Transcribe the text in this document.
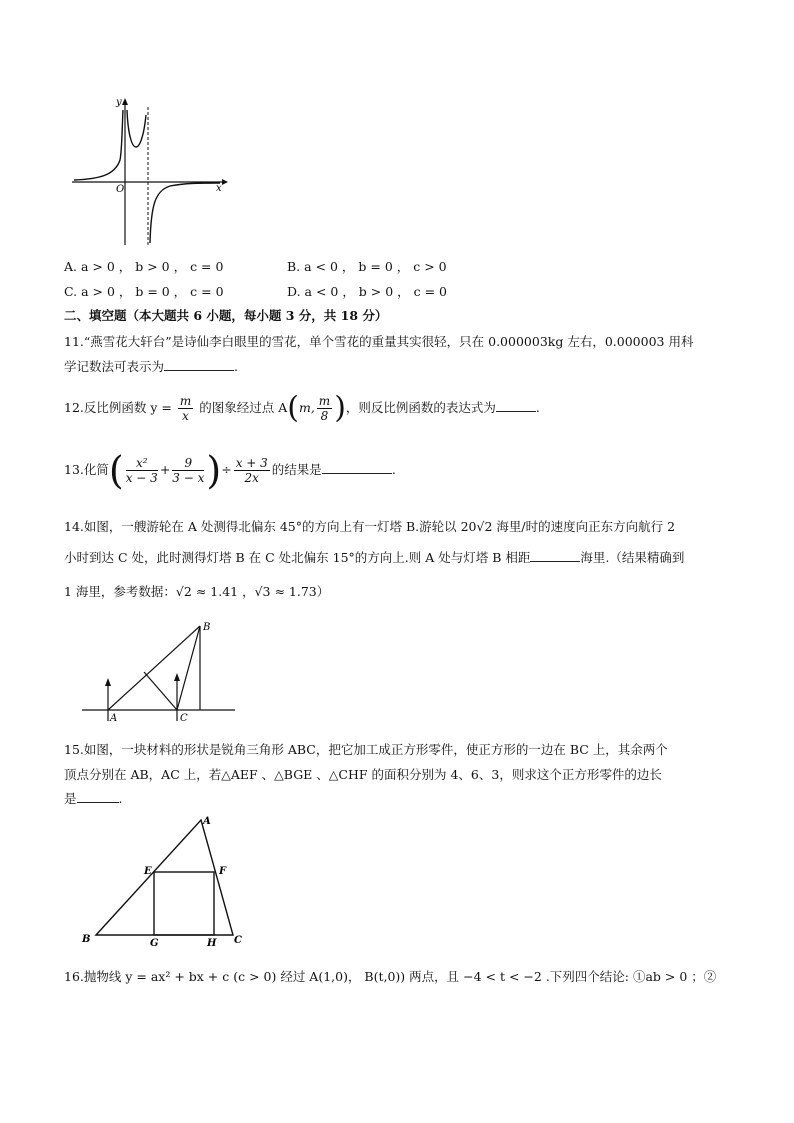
y
x
O
A. a > 0 ， b > 0 ， c = 0	B. a < 0 ， b = 0 ， c > 0
C. a > 0 ， b = 0 ， c = 0	D. a < 0 ， b > 0 ， c = 0
二、填空题（本大题共 6 小题，每小题 3 分，共 18 分）
11.“燕雪花大轩台”是诗仙李白眼里的雪花，单个雪花的重量其实很轻，只在 0.000003kg 左右，0.000003 用科
学记数法可表示为	.
12.反比例函数 $y = \frac{m}{x}$ 的图象经过点 A(m, $\frac{m}{8}$ )，则反比例函数的表达式为	.
13.化简( $\frac{\text{x²}}{x - 3} + \frac{9}{3 - x}$ )÷ $\frac{x + 3}{2x}$ 的结果是	.
14.如图，一艘游轮在 A 处测得北偏东 45°的方向上有一灯塔 B.游轮以 20√2 海里/时的速度向正东方向航行 2
小时到达 C 处，此时测得灯塔 B 在 C 处北偏东 15°的方向上.则 A 处与灯塔 B 相距	海里.（结果精确到
1 海里，参考数据：√2 ≈ 1.41 ，√3 ≈ 1.73）
A	C
B
15.如图，一块材料的形状是锐角三角形 ABC，把它加工成正方形零件，使正方形的一边在 BC 上，其余两个
顶点分别在 AB，AC 上，若△AEF 、△BGE 、△CHF 的面积分别为 4、6、3，则求这个正方形零件的边长
是	.
A
B	C
E	F
G	H
16.抛物线 y = ax² + bx + c (c > 0) 经过 A(1,0)， B(t,0)) 两点，且 −4 < t < −2 .下列四个结论: ①ab > 0 ；②
